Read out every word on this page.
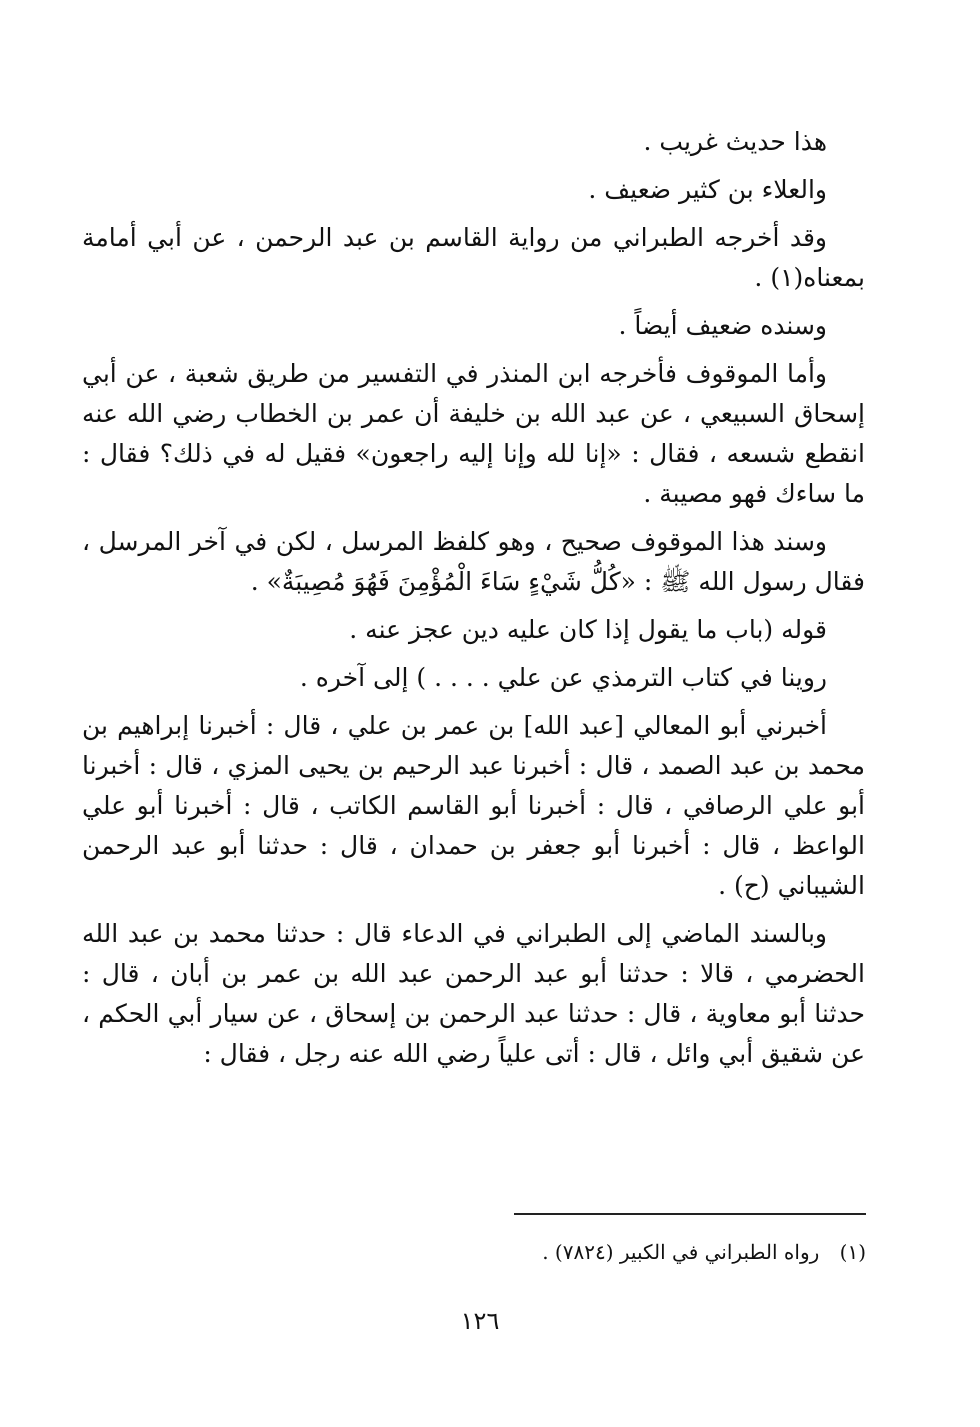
هذا حديث غريب .

والعلاء بن كثير ضعيف .

وقد أخرجه الطبراني من رواية القاسم بن عبد الرحمن ، عن أبي أمامة بمعناه(١) .

وسنده ضعيف أيضاً .

وأما الموقوف فأخرجه ابن المنذر في التفسير من طريق شعبة ، عن أبي إسحاق السبيعي ، عن عبد الله بن خليفة أن عمر بن الخطاب رضي الله عنه انقطع شسعه ، فقال : «إنا لله وإنا إليه راجعون» فقيل له في ذلك؟ فقال : ما ساءك فهو مصيبة .

وسند هذا الموقوف صحيح ، وهو كلفظ المرسل ، لكن في آخر المرسل ، فقال رسول الله ﷺ : «كُلُّ شَيْءٍ سَاءَ الْمُؤْمِنَ فَهُوَ مُصِيبَةٌ» .

قوله (باب ما يقول إذا كان عليه دين عجز عنه .

روينا في كتاب الترمذي عن علي . . . . ) إلى آخره .

أخبرني أبو المعالي [عبد الله] بن عمر بن علي ، قال : أخبرنا إبراهيم بن محمد بن عبد الصمد ، قال : أخبرنا عبد الرحيم بن يحيى المزي ، قال : أخبرنا أبو علي الرصافي ، قال : أخبرنا أبو القاسم الكاتب ، قال : أخبرنا أبو علي الواعظ ، قال : أخبرنا أبو جعفر بن حمدان ، قال : حدثنا أبو عبد الرحمن الشيباني (ح) .

وبالسند الماضي إلى الطبراني في الدعاء قال : حدثنا محمد بن عبد الله الحضرمي ، قالا : حدثنا أبو عبد الرحمن عبد الله بن عمر بن أبان ، قال : حدثنا أبو معاوية ، قال : حدثنا عبد الرحمن بن إسحاق ، عن سيار أبي الحكم ، عن شقيق أبي وائل ، قال : أتى علياً رضي الله عنه رجل ، فقال :

(١) رواه الطبراني في الكبير (٧٨٢٤) .
١٢٦
